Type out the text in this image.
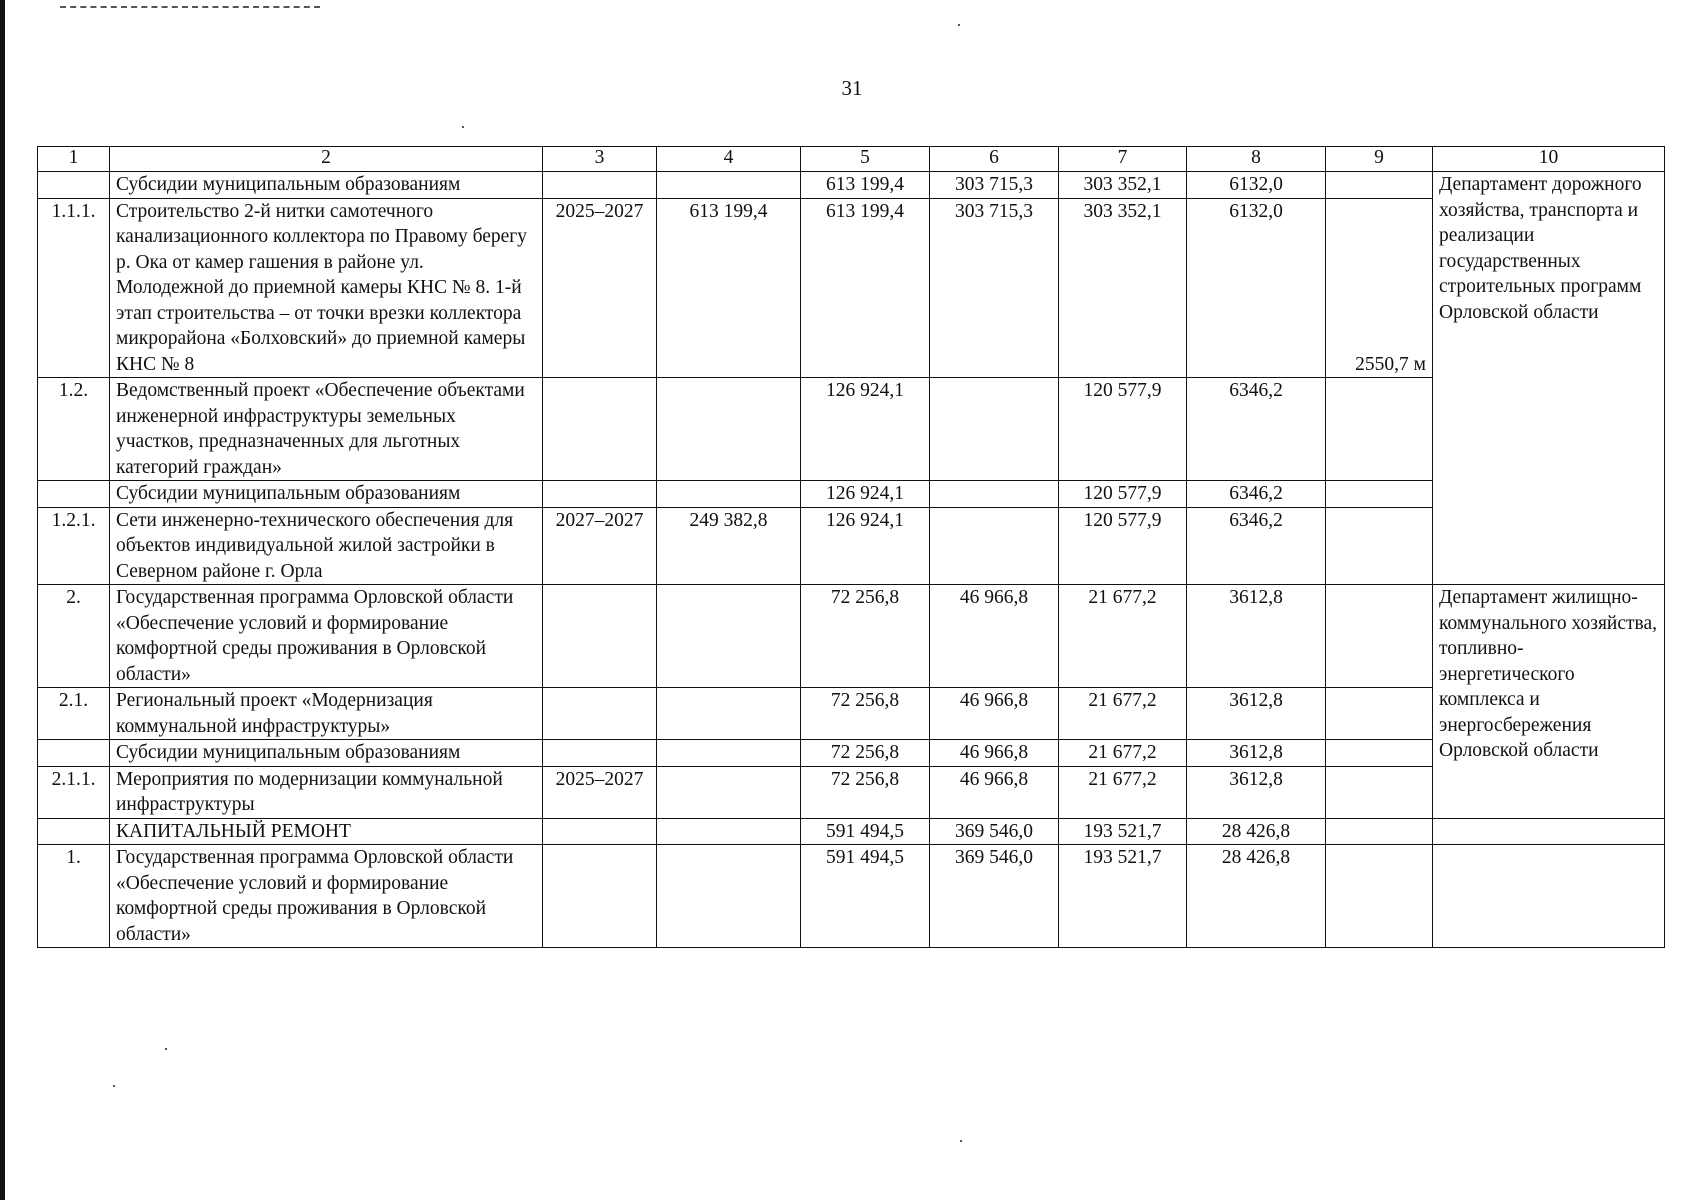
31
1	2	3	4	5	6	7	8	9	10
	Субсидии муниципальным образованиям			613 199,4	303 715,3	303 352,1	6132,0		Департамент дорожного хозяйства, транспорта и реализации государственных строительных программ Орловской области
1.1.1.	Строительство 2-й нитки самотечного канализационного коллектора по Правому берегу р. Ока от камер гашения в районе ул. Молодежной до приемной камеры КНС № 8. 1-й этап строительства – от точки врезки коллектора микрорайона «Болховский» до приемной камеры КНС № 8	2025–2027	613 199,4	613 199,4	303 715,3	303 352,1	6132,0	2550,7 м	

1.2.	Ведомственный проект «Обеспечение объектами инженерной инфраструктуры земельных участков, предназначенных для льготных категорий граждан»			126 924,1		120 577,9	6346,2		
	Субсидии муниципальным образованиям			126 924,1		120 577,9	6346,2		
1.2.1.	Сети инженерно-технического обеспечения для объектов индивидуальной жилой застройки в Северном районе г. Орла	2027–2027	249 382,8	126 924,1		120 577,9	6346,2		
2.	Государственная программа Орловской области «Обеспечение условий и формирование комфортной среды проживания в Орловской области»			72 256,8	46 966,8	21 677,2	3612,8		Департамент жилищно-коммунального хозяйства, топливно-энергетического комплекса и энергосбережения Орловской области
2.1.	Региональный проект «Модернизация коммунальной инфраструктуры»			72 256,8	46 966,8	21 677,2	3612,8		
	Субсидии муниципальным образованиям			72 256,8	46 966,8	21 677,2	3612,8		
2.1.1.	Мероприятия по модернизации коммунальной инфраструктуры	2025–2027		72 256,8	46 966,8	21 677,2	3612,8		
	КАПИТАЛЬНЫЙ РЕМОНТ			591 494,5	369 546,0	193 521,7	28 426,8		
1.	Государственная программа Орловской области «Обеспечение условий и формирование комфортной среды проживания в Орловской области»			591 494,5	369 546,0	193 521,7	28 426,8		
